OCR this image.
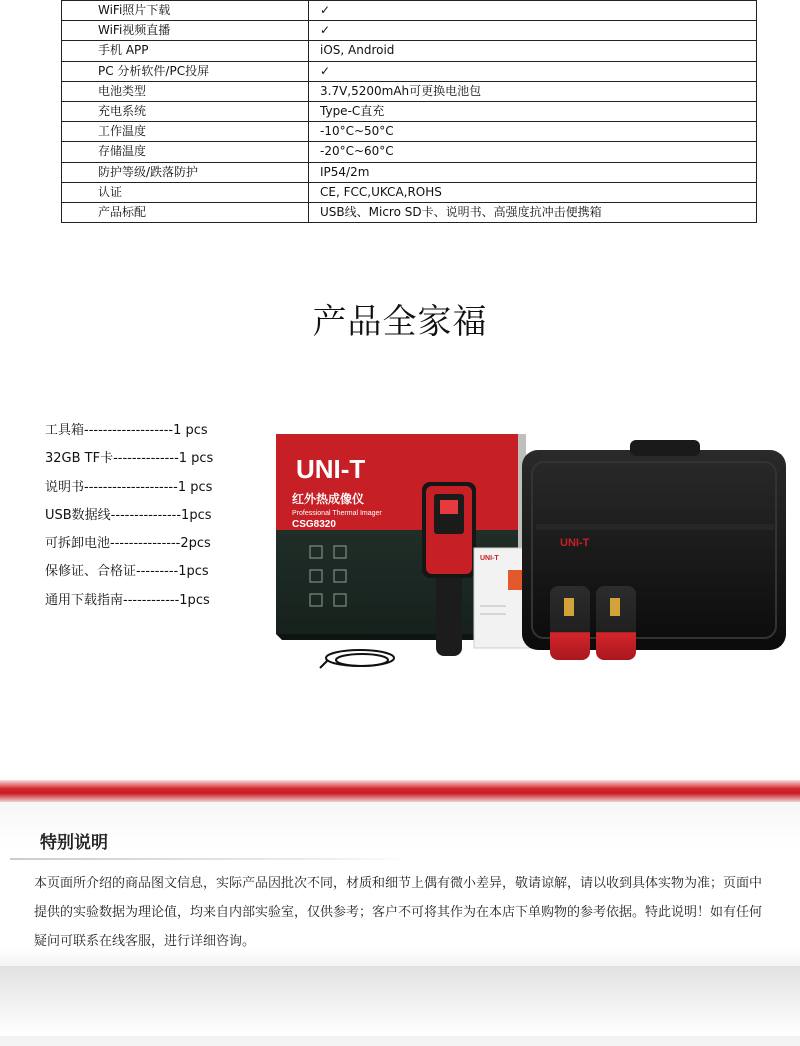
WiFi照片下载	✓
WiFi视频直播	✓
手机 APP	iOS, Android
PC 分析软件/PC投屏	✓
电池类型	3.7V,5200mAh可更换电池包
充电系统	Type-C直充
工作温度	-10°C~50°C
存储温度	-20°C~60°C
防护等级/跌落防护	IP54/2m
认证	CE, FCC,UKCA,ROHS
产品标配	USB线、Micro SD卡、说明书、高强度抗冲击便携箱
产品全家福
工具箱-------------------1 pcs
32GB TF卡--------------1 pcs
说明书--------------------1 pcs
USB数据线---------------1pcs
可拆卸电池---------------2pcs
保修证、合格证---------1pcs
通用下载指南------------1pcs
UNI-T
红外热成像仪
Professional Thermal Imager
CSG8320
UNI-T
UNI-T
特别说明

本页面所介绍的商品图文信息，实际产品因批次不同，材质和细节上偶有微小差异，敬请谅解，请以收到具体实物为准；页面中提供的实验数据为理论值，均来自内部实验室，仅供参考；客户不可将其作为在本店下单购物的参考依据。特此说明！如有任何疑问可联系在线客服，进行详细咨询。
